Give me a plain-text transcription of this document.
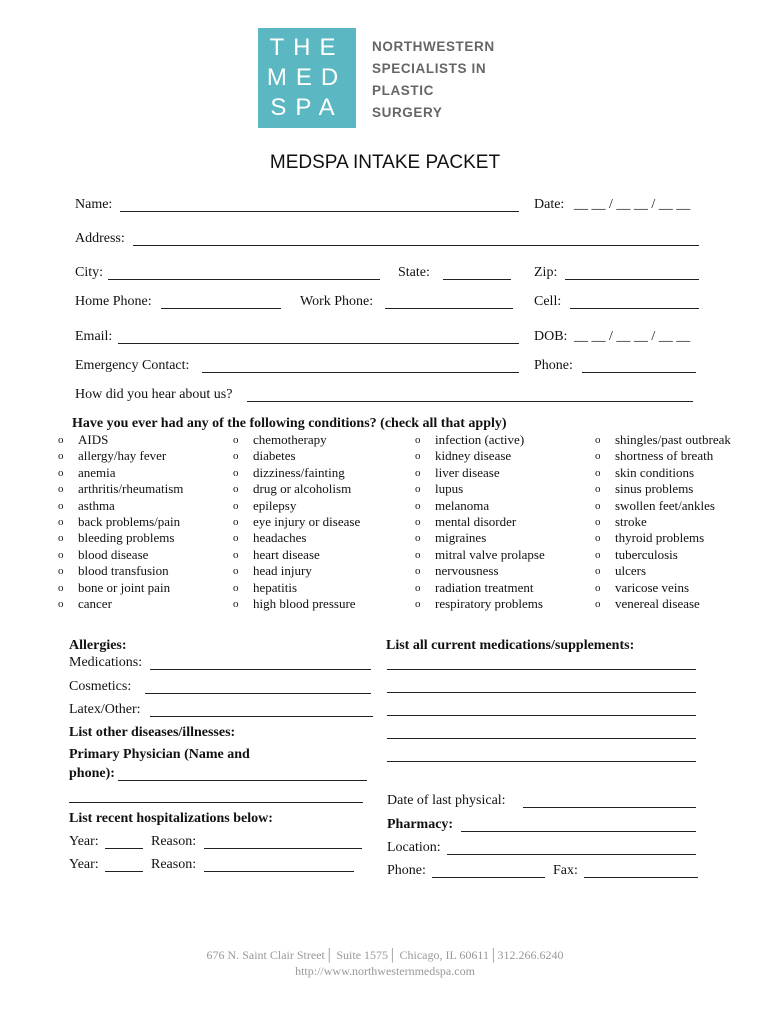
THE
MED
SPA
NORTHWESTERN
SPECIALISTS IN
PLASTIC
SURGERY
MEDSPA INTAKE PACKET
Name:	Date: __ __ / __ __ / __ __
Address:
City:	State:	Zip:
Home Phone:	Work Phone:	Cell:
Email:	DOB: __ __ / __ __ / __ __
Emergency Contact:	Phone:
How did you hear about us?
Have you ever had any of the following conditions? (check all that apply)
o	AIDS
o	allergy/hay fever
o	anemia
o	arthritis/rheumatism
o	asthma
o	back problems/pain
o	bleeding problems
o	blood disease
o	blood transfusion
o	bone or joint pain
o	cancer
o	chemotherapy
o	diabetes
o	dizziness/fainting
o	drug or alcoholism
o	epilepsy
o	eye injury or disease
o	headaches
o	heart disease
o	head injury
o	hepatitis
o	high blood pressure
o	infection (active)
o	kidney disease
o	liver disease
o	lupus
o	melanoma
o	mental disorder
o	migraines
o	mitral valve prolapse
o	nervousness
o	radiation treatment
o	respiratory problems
o	shingles/past outbreak
o	shortness of breath
o	skin conditions
o	sinus problems
o	swollen feet/ankles
o	stroke
o	thyroid problems
o	tuberculosis
o	ulcers
o	varicose veins
o	venereal disease
Allergies:
Medications:
Cosmetics:
Latex/Other:
List other diseases/illnesses:
Primary Physician (Name and
phone):
List recent hospitalizations below:
Year:	Reason:
Year:	Reason:
List all current medications/supplements:
Date of last physical:
Pharmacy:
Location:
Phone:	Fax:
676 N. Saint Clair Street│ Suite 1575│ Chicago, IL 60611│312.266.6240
http://www.northwesternmedspa.com
